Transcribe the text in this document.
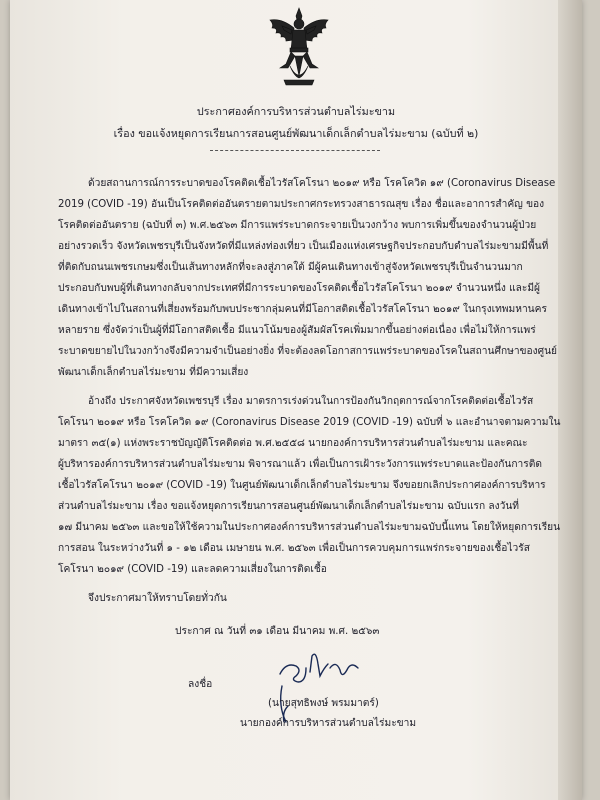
ประกาศองค์การบริหารส่วนตำบลไร่มะขาม
เรื่อง ขอแจ้งหยุดการเรียนการสอนศูนย์พัฒนาเด็กเล็กตำบลไร่มะขาม (ฉบับที่ ๒)
ด้วยสถานการณ์การระบาดของโรคติดเชื้อไวรัสโคโรนา ๒๐๑๙ หรือ โรคโควิด ๑๙ (Coronavirus Disease
2019 (COVID -19) อันเป็นโรคติดต่ออันตรายตามประกาศกระทรวงสาธารณสุข เรื่อง ชื่อและอาการสำคัญ ของ
โรคติดต่ออันตราย (ฉบับที่ ๓) พ.ศ.๒๕๖๓ มีการแพร่ระบาดกระจายเป็นวงกว้าง พบการเพิ่มขึ้นของจำนวนผู้ป่วย
อย่างรวดเร็ว จังหวัดเพชรบุรีเป็นจังหวัดที่มีแหล่งท่องเที่ยว เป็นเมืองแห่งเศรษฐกิจประกอบกับตำบลไร่มะขามมีพื้นที่
ที่ติดกับถนนเพชรเกษมซึ่งเป็นเส้นทางหลักที่จะลงสู่ภาคใต้ มีผู้คนเดินทางเข้าสู่จังหวัดเพชรบุรีเป็นจำนวนมาก
ประกอบกับพบผู้ที่เดินทางกลับจากประเทศที่มีการระบาดของโรคติดเชื้อไวรัสโคโรนา ๒๐๑๙ จำนวนหนึ่ง และมีผู้
เดินทางเข้าไปในสถานที่เสี่ยงพร้อมกับพบประชากลุ่มคนที่มีโอกาสติดเชื้อไวรัสโคโรนา ๒๐๑๙ ในกรุงเทพมหานคร
หลายราย ซึ่งจัดว่าเป็นผู้ที่มีโอกาสติดเชื้อ มีแนวโน้มของผู้สัมผัสโรคเพิ่มมากขึ้นอย่างต่อเนื่อง เพื่อไม่ให้การแพร่
ระบาดขยายไปในวงกว้างจึงมีความจำเป็นอย่างยิ่ง ที่จะต้องลดโอกาสการแพร่ระบาดของโรคในสถานศึกษาของศูนย์
พัฒนาเด็กเล็กตำบลไร่มะขาม ที่มีความเสี่ยง
อ้างถึง ประกาศจังหวัดเพชรบุรี เรื่อง มาตรการเร่งด่วนในการป้องกันวิกฤตการณ์จากโรคติดต่อเชื้อไวรัส
โคโรนา ๒๐๑๙ หรือ โรคโควิด ๑๙ (Coronavirus Disease 2019 (COVID -19) ฉบับที่ ๖ และอำนาจตามความใน
มาตรา ๓๕(๑) แห่งพระราชบัญญัติโรคติดต่อ พ.ศ.๒๕๕๘ นายกองค์การบริหารส่วนตำบลไร่มะขาม และคณะ
ผู้บริหารองค์การบริหารส่วนตำบลไร่มะขาม พิจารณาแล้ว เพื่อเป็นการเฝ้าระวังการแพร่ระบาดและป้องกันการติด
เชื้อไวรัสโคโรนา ๒๐๑๙ (COVID -19) ในศูนย์พัฒนาเด็กเล็กตำบลไร่มะขาม จึงขอยกเลิกประกาศองค์การบริหาร
ส่วนตำบลไร่มะขาม เรื่อง ขอแจ้งหยุดการเรียนการสอนศูนย์พัฒนาเด็กเล็กตำบลไร่มะขาม ฉบับแรก ลงวันที่
๑๗ มีนาคม ๒๕๖๓ และขอให้ใช้ความในประกาศองค์การบริหารส่วนตำบลไร่มะขามฉบับนี้แทน โดยให้หยุดการเรียน
การสอน ในระหว่างวันที่ ๑ - ๑๒ เดือน เมษายน พ.ศ. ๒๕๖๓ เพื่อเป็นการควบคุมการแพร่กระจายของเชื้อไวรัส
โคโรนา ๒๐๑๙ (COVID -19) และลดความเสี่ยงในการติดเชื้อ
จึงประกาศมาให้ทราบโดยทั่วกัน
ประกาศ ณ วันที่ ๓๑ เดือน มีนาคม พ.ศ. ๒๕๖๓
ลงชื่อ
(นายสุทธิพงษ์ พรมมาตร์)
นายกองค์การบริหารส่วนตำบลไร่มะขาม
